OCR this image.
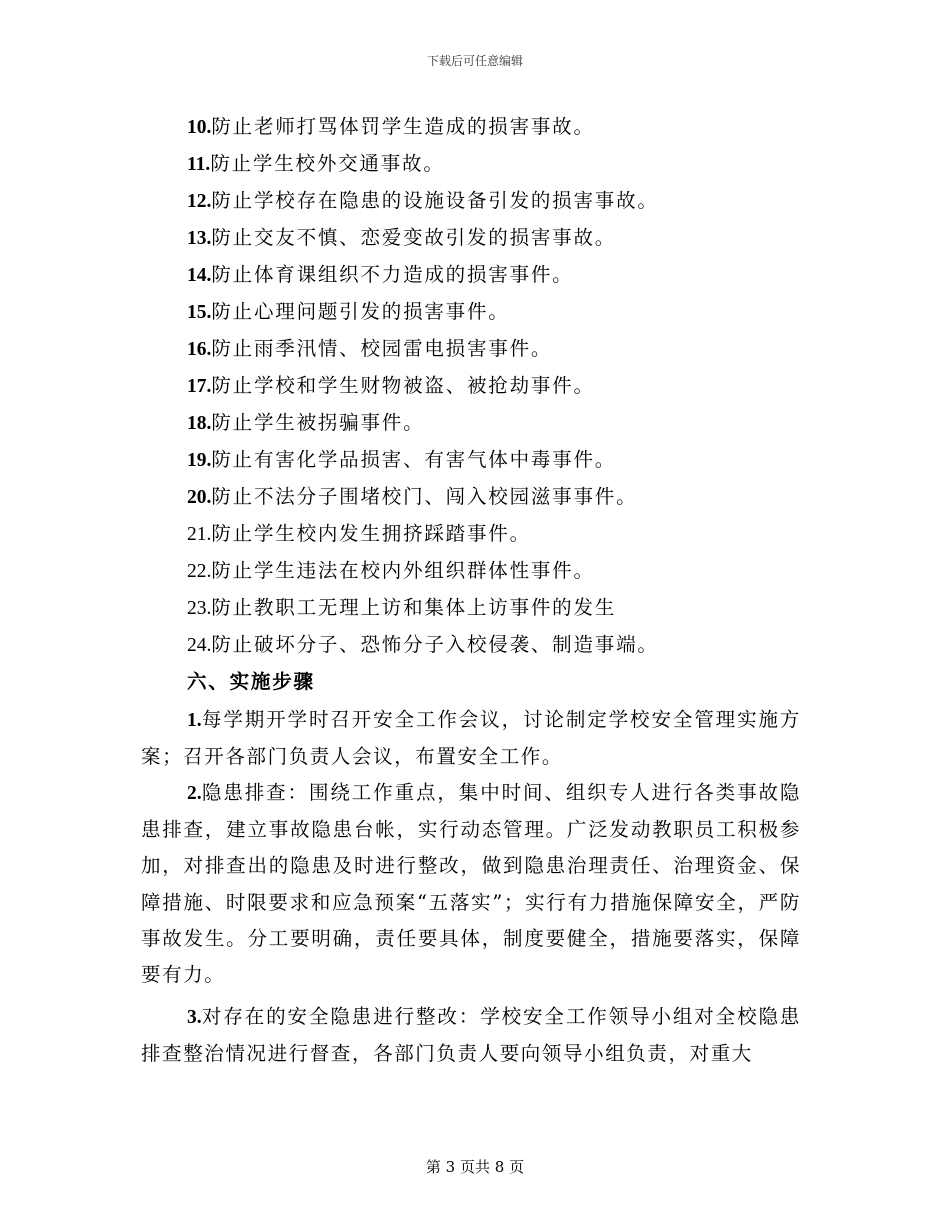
下载后可任意编辑
10.防止老师打骂体罚学生造成的损害事故。
11.防止学生校外交通事故。
12.防止学校存在隐患的设施设备引发的损害事故。
13.防止交友不慎、恋爱变故引发的损害事故。
14.防止体育课组织不力造成的损害事件。
15.防止心理问题引发的损害事件。
16.防止雨季汛情、校园雷电损害事件。
17.防止学校和学生财物被盗、被抢劫事件。
18.防止学生被拐骗事件。
19.防止有害化学品损害、有害气体中毒事件。
20.防止不法分子围堵校门、闯入校园滋事事件。
21.防止学生校内发生拥挤踩踏事件。
22.防止学生违法在校内外组织群体性事件。
23.防止教职工无理上访和集体上访事件的发生
24.防止破坏分子、恐怖分子入校侵袭、制造事端。
六、实施步骤
1.每学期开学时召开安全工作会议，讨论制定学校安全管理实施方案；召开各部门负责人会议，布置安全工作。
2.隐患排查：围绕工作重点，集中时间、组织专人进行各类事故隐患排查，建立事故隐患台帐，实行动态管理。广泛发动教职员工积极参加，对排查出的隐患及时进行整改，做到隐患治理责任、治理资金、保障措施、时限要求和应急预案“五落实”；实行有力措施保障安全，严防事故发生。分工要明确，责任要具体，制度要健全，措施要落实，保障要有力。
3.对存在的安全隐患进行整改：学校安全工作领导小组对全校隐患排查整治情况进行督查，各部门负责人要向领导小组负责，对重大
第 3 页共 8 页
